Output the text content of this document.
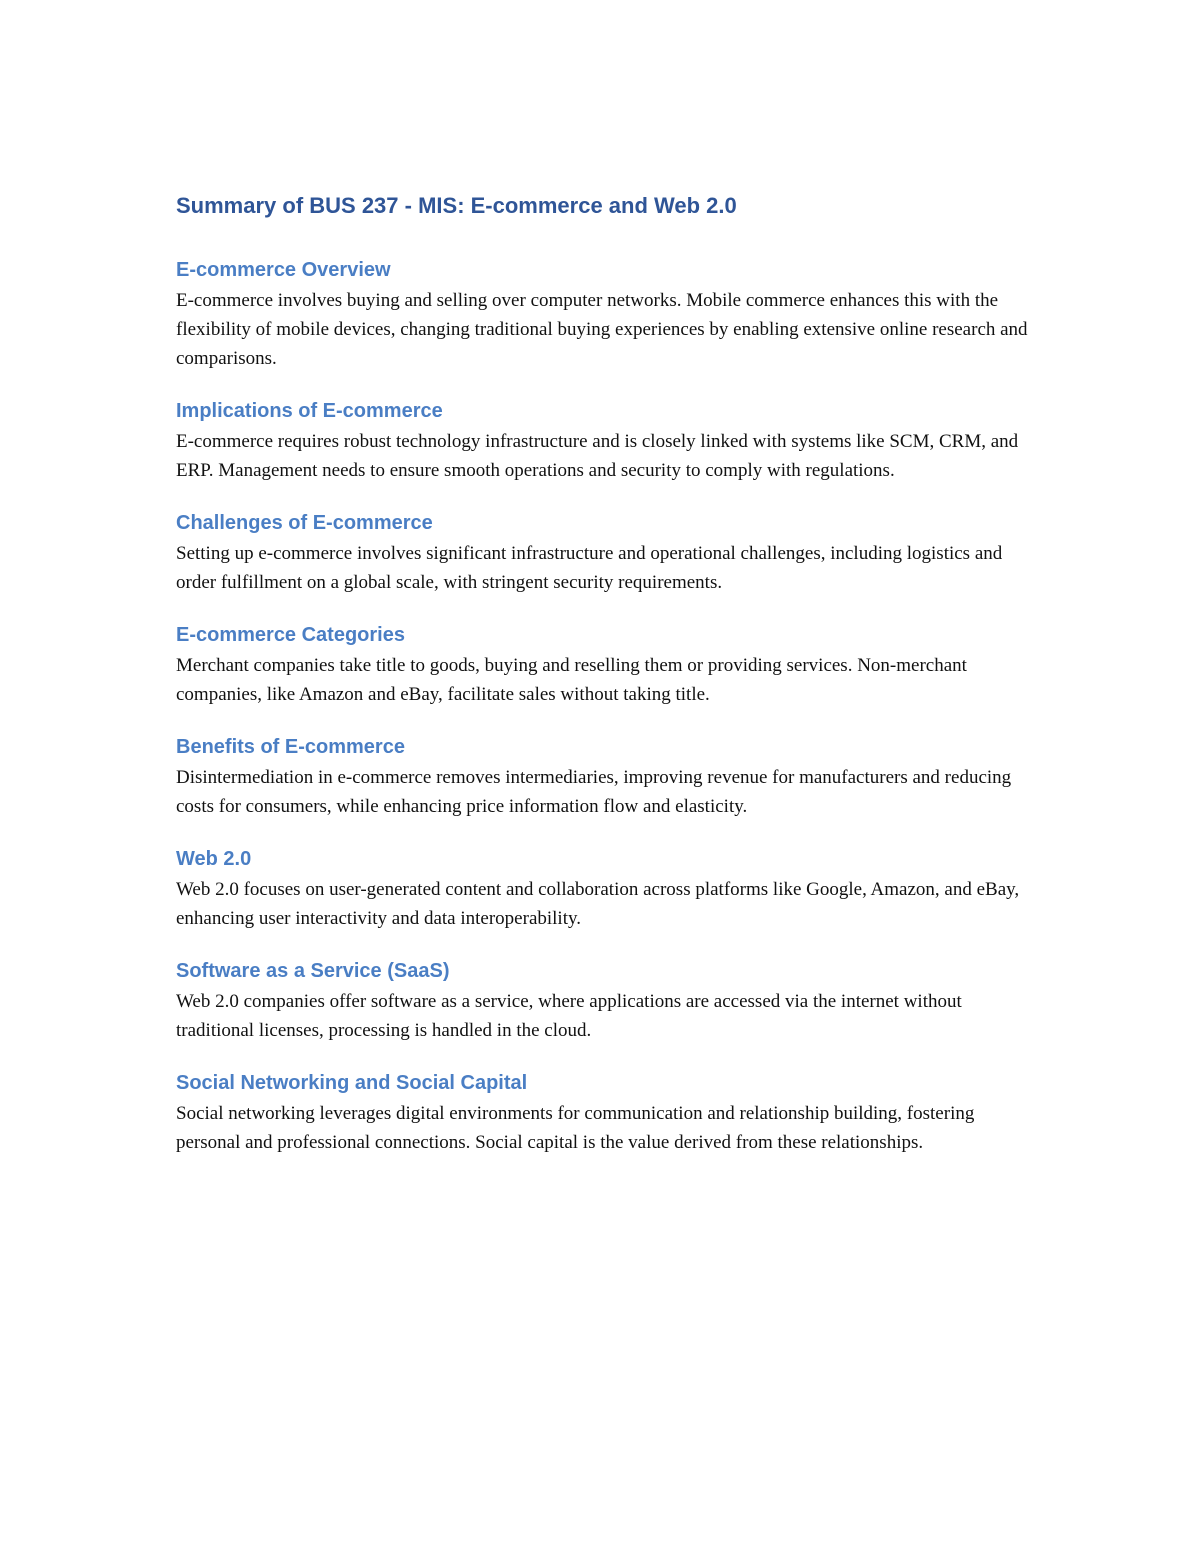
Summary of BUS 237 - MIS: E-commerce and Web 2.0
E-commerce Overview

E-commerce involves buying and selling over computer networks. Mobile commerce enhances this with the flexibility of mobile devices, changing traditional buying experiences by enabling extensive online research and comparisons.

Implications of E-commerce

E-commerce requires robust technology infrastructure and is closely linked with systems like SCM, CRM, and ERP. Management needs to ensure smooth operations and security to comply with regulations.

Challenges of E-commerce

Setting up e-commerce involves significant infrastructure and operational challenges, including logistics and order fulfillment on a global scale, with stringent security requirements.

E-commerce Categories

Merchant companies take title to goods, buying and reselling them or providing services. Non-merchant companies, like Amazon and eBay, facilitate sales without taking title.

Benefits of E-commerce

Disintermediation in e-commerce removes intermediaries, improving revenue for manufacturers and reducing costs for consumers, while enhancing price information flow and elasticity.

Web 2.0

Web 2.0 focuses on user-generated content and collaboration across platforms like Google, Amazon, and eBay, enhancing user interactivity and data interoperability.

Software as a Service (SaaS)

Web 2.0 companies offer software as a service, where applications are accessed via the internet without traditional licenses, processing is handled in the cloud.

Social Networking and Social Capital

Social networking leverages digital environments for communication and relationship building, fostering personal and professional connections. Social capital is the value derived from these relationships.
